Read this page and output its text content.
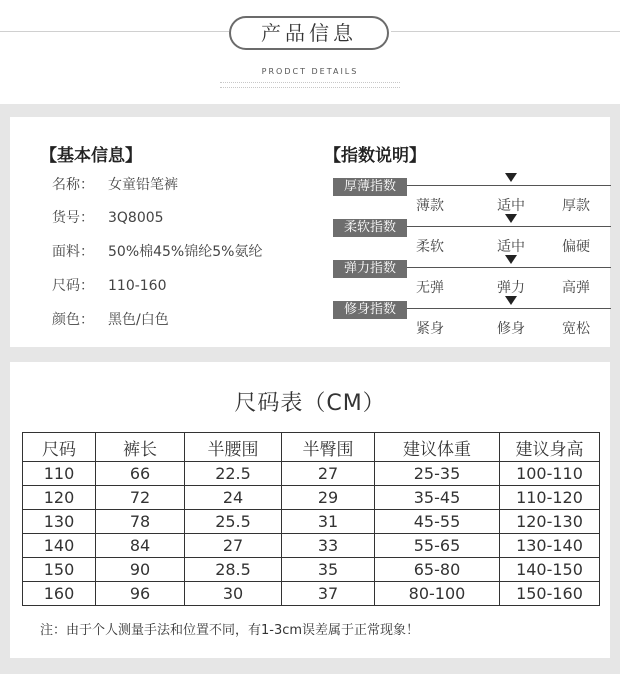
产品信息
PRODCT DETAILS
【基本信息】
名称： 女童铅笔裤
货号： 3Q8005
面料： 50%棉45%锦纶5%氨纶
尺码： 110-160
颜色： 黑色/白色
【指数说明】
厚薄指数
薄款	适中	厚款
柔软指数
柔软	适中	偏硬
弹力指数
无弹	弹力	高弹
修身指数
紧身	修身	宽松
尺码表（CM）
尺码	裤长	半腰围	半臀围	建议体重	建议身高
110	66	22.5	27	25-35	100-110
120	72	24	29	35-45	110-120
130	78	25.5	31	45-55	120-130
140	84	27	33	55-65	130-140
150	90	28.5	35	65-80	140-150
160	96	30	37	80-100	150-160
注：由于个人测量手法和位置不同，有1-3cm误差属于正常现象！
